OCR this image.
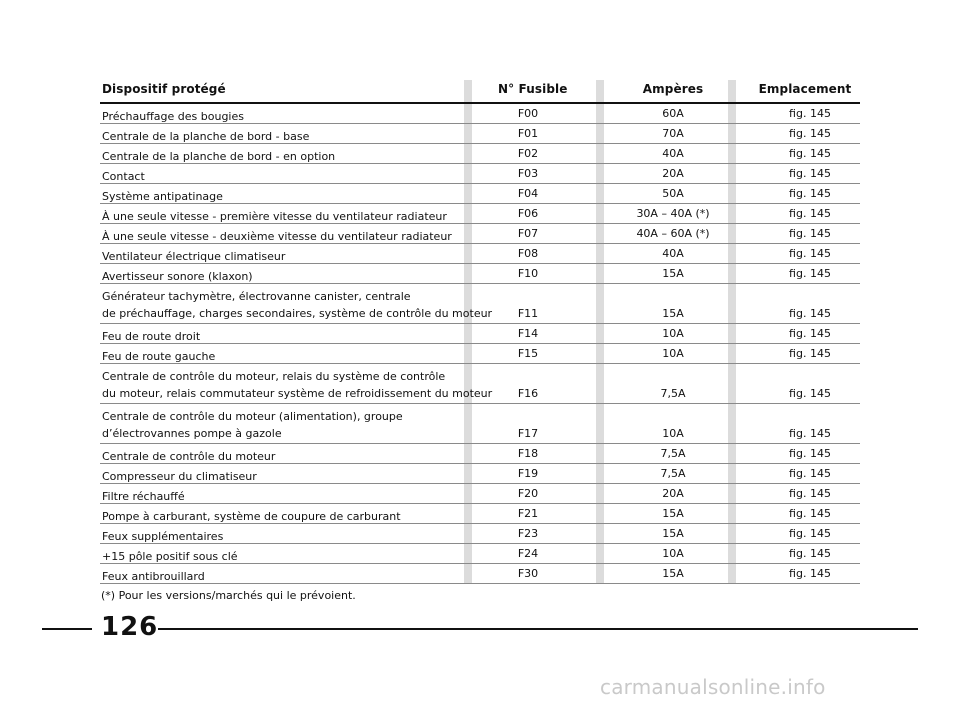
Dispositif protégé	N° Fusible	Ampères	Emplacement
Préchauffage des bougies	F00	60A	fig. 145
Centrale de la planche de bord - base	F01	70A	fig. 145
Centrale de la planche de bord - en option	F02	40A	fig. 145
Contact	F03	20A	fig. 145
Système antipatinage	F04	50A	fig. 145
À une seule vitesse - première vitesse du ventilateur radiateur	F06	30A – 40A (*)	fig. 145
À une seule vitesse - deuxième vitesse du ventilateur radiateur	F07	40A – 60A (*)	fig. 145
Ventilateur électrique climatiseur	F08	40A	fig. 145
Avertisseur sonore (klaxon)	F10	15A	fig. 145
Générateur tachymètre, électrovanne canister, centrale
de préchauffage, charges secondaires, système de contrôle du moteur	F11	15A	fig. 145
Feu de route droit	F14	10A	fig. 145
Feu de route gauche	F15	10A	fig. 145
Centrale de contrôle du moteur, relais du système de contrôle
du moteur, relais commutateur système de refroidissement du moteur	F16	7,5A	fig. 145
Centrale de contrôle du moteur (alimentation), groupe
d’électrovannes pompe à gazole	F17	10A	fig. 145
Centrale de contrôle du moteur	F18	7,5A	fig. 145
Compresseur du climatiseur	F19	7,5A	fig. 145
Filtre réchauffé	F20	20A	fig. 145
Pompe à carburant, système de coupure de carburant	F21	15A	fig. 145
Feux supplémentaires	F23	15A	fig. 145
+15 pôle positif sous clé	F24	10A	fig. 145
Feux antibrouillard	F30	15A	fig. 145
(*) Pour les versions/marchés qui le prévoient.
126
carmanualsonline.info
